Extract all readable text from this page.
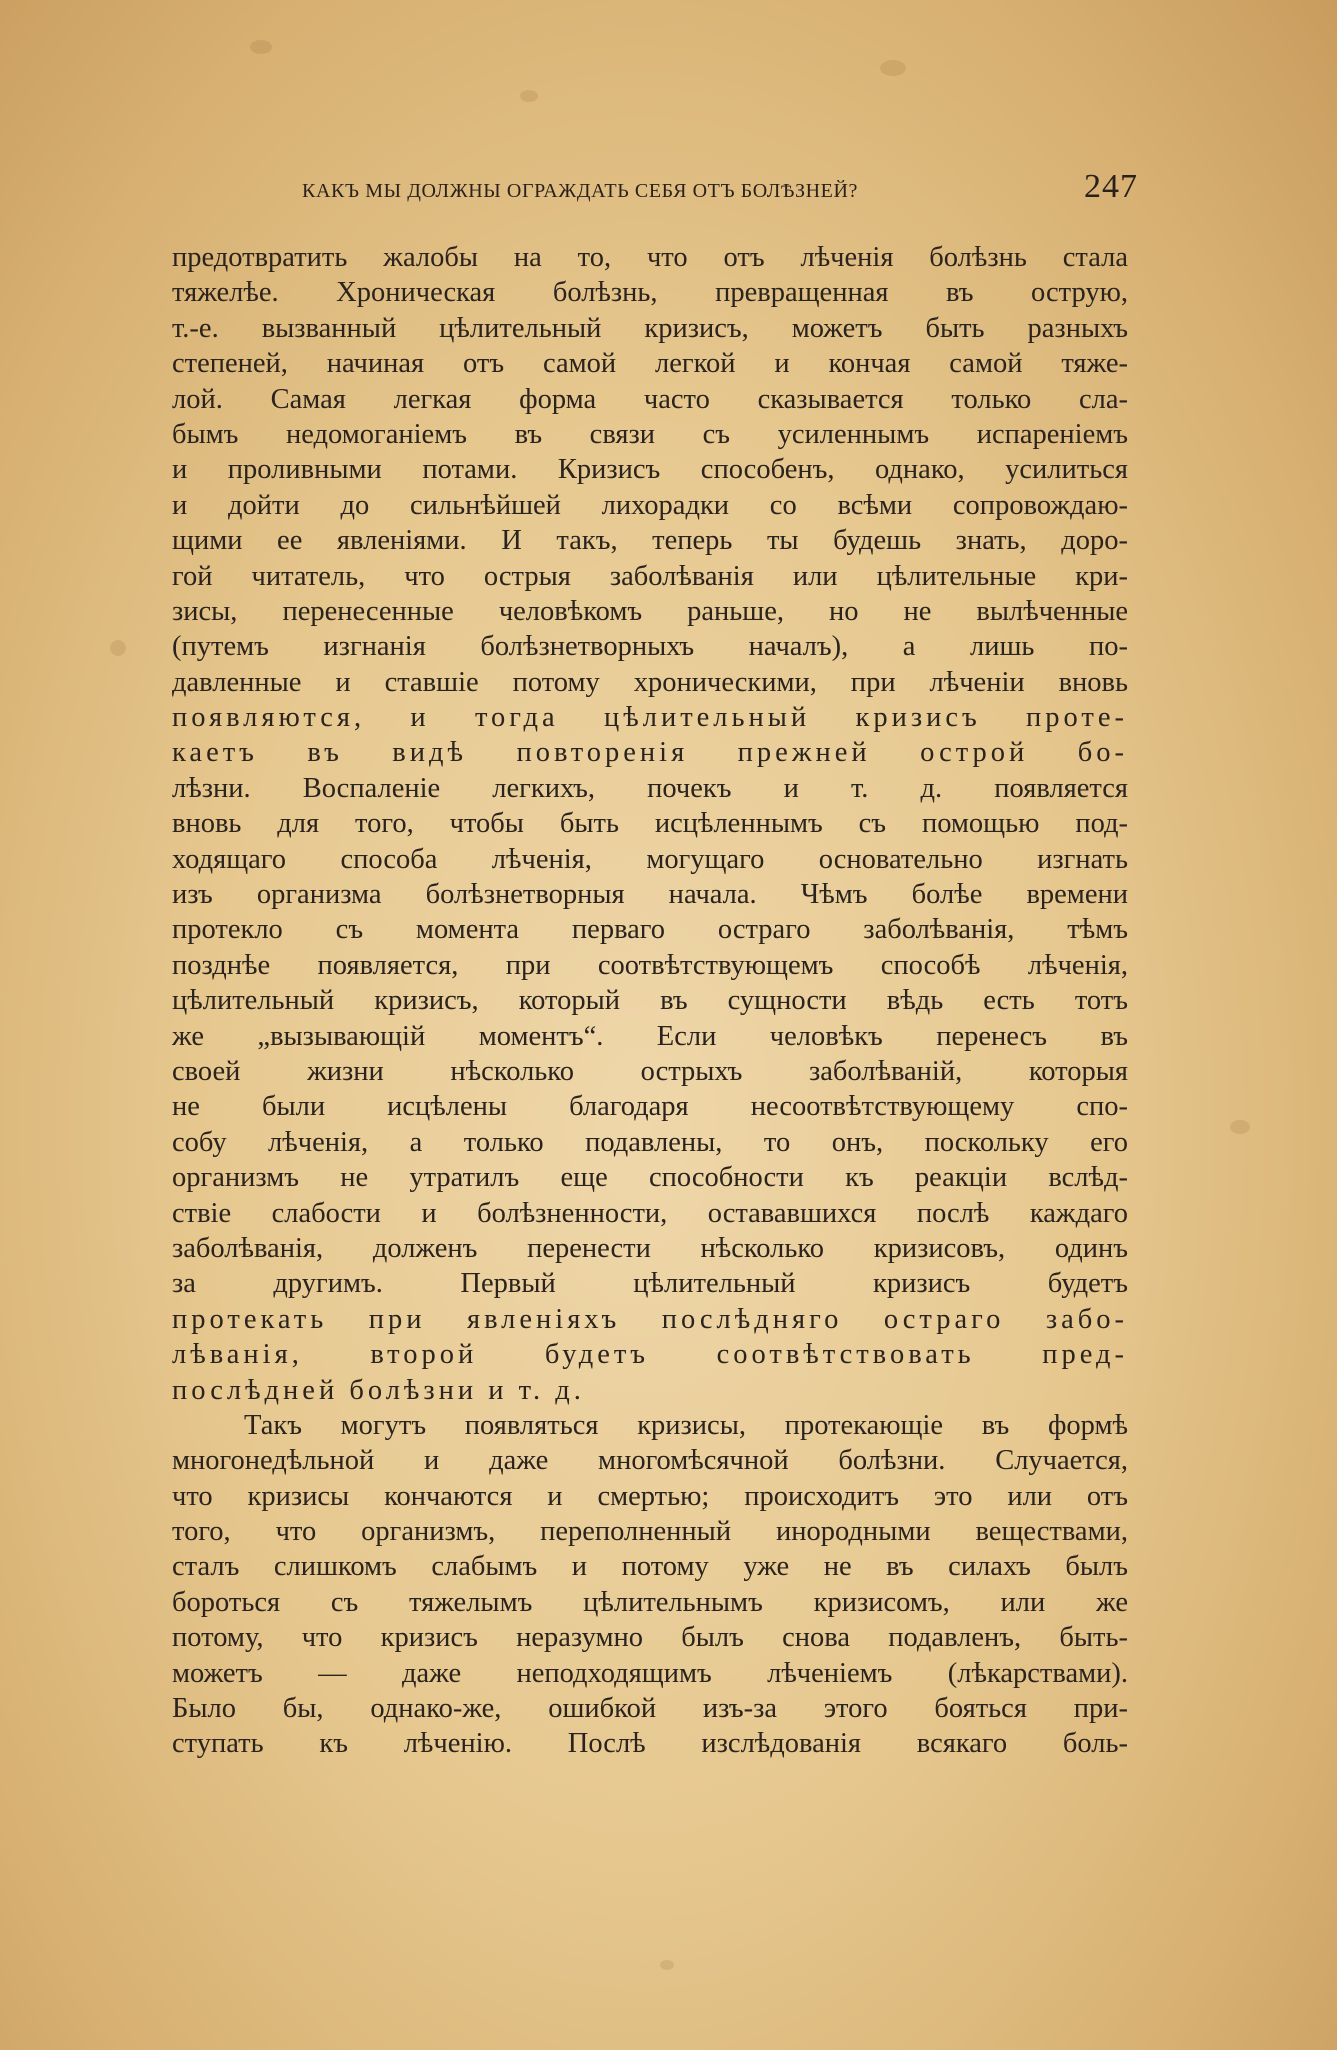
КАКЪ МЫ ДОЛЖНЫ ОГРАЖДАТЬ СЕБЯ ОТЪ БОЛѢЗНЕЙ?	247
предотвратить жалобы на то, что отъ лѣченія болѣзнь стала
тяжелѣе. Хроническая болѣзнь, превращенная въ острую,
т.-е. вызванный цѣлительный кризисъ, можетъ быть разныхъ
степеней, начиная отъ самой легкой и кончая самой тяже-
лой. Самая легкая форма часто сказывается только сла-
бымъ недомоганіемъ въ связи съ усиленнымъ испареніемъ
и проливными потами. Кризисъ способенъ, однако, усилиться
и дойти до сильнѣйшей лихорадки со всѣми сопровождаю-
щими ее явленіями. И такъ, теперь ты будешь знать, доро-
гой читатель, что острыя заболѣванія или цѣлительные кри-
зисы, перенесенные человѣкомъ раньше, но не вылѣченные
(путемъ изгнанія болѣзнетворныхъ началъ), а лишь по-
давленные и ставшіе потому хроническими, при лѣченіи вновь
появляются, и тогда цѣлительный кризисъ проте-
каетъ въ видѣ повторенія прежней острой бо-
лѣзни. Воспаленіе легкихъ, почекъ и т. д. появляется
вновь для того, чтобы быть исцѣленнымъ съ помощью под-
ходящаго способа лѣченія, могущаго основательно изгнать
изъ организма болѣзнетворныя начала. Чѣмъ болѣе времени
протекло съ момента перваго остраго заболѣванія, тѣмъ
позднѣе появляется, при соотвѣтствующемъ способѣ лѣченія,
цѣлительный кризисъ, который въ сущности вѣдь есть тотъ
же „вызывающій моментъ“. Если человѣкъ перенесъ въ
своей жизни нѣсколько острыхъ заболѣваній, которыя
не были исцѣлены благодаря несоотвѣтствующему спо-
собу лѣченія, а только подавлены, то онъ, поскольку его
организмъ не утратилъ еще способности къ реакціи вслѣд-
ствіе слабости и болѣзненности, остававшихся послѣ каждаго
заболѣванія, долженъ перенести нѣсколько кризисовъ, одинъ
за другимъ. Первый цѣлительный кризисъ будетъ
протекать при явленіяхъ послѣдняго остраго забо-
лѣванія, второй будетъ соотвѣтствовать пред-
послѣдней болѣзни и т. д.
Такъ могутъ появляться кризисы, протекающіе въ формѣ
многонедѣльной и даже многомѣсячной болѣзни. Случается,
что кризисы кончаются и смертью; происходитъ это или отъ
того, что организмъ, переполненный инородными веществами,
сталъ слишкомъ слабымъ и потому уже не въ силахъ былъ
бороться съ тяжелымъ цѣлительнымъ кризисомъ, или же
потому, что кризисъ неразумно былъ снова подавленъ, быть-
можетъ — даже неподходящимъ лѣченіемъ (лѣкарствами).
Было бы, однако-же, ошибкой изъ-за этого бояться при-
ступать къ лѣченію. Послѣ изслѣдованія всякаго боль-
